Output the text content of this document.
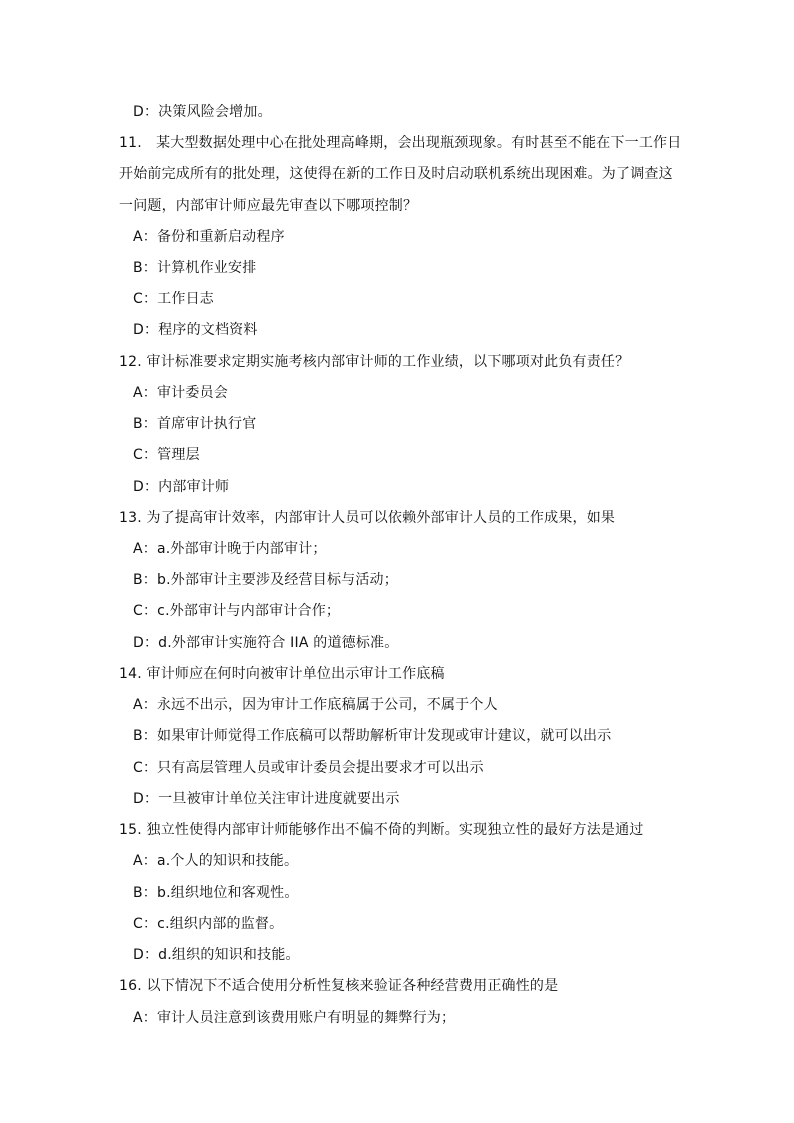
D：决策风险会增加。
11.　某大型数据处理中心在批处理高峰期，会出现瓶颈现象。有时甚至不能在下一工作日
开始前完成所有的批处理，这使得在新的工作日及时启动联机系统出现困难。为了调查这
一问题，内部审计师应最先审查以下哪项控制？
A：备份和重新启动程序
B：计算机作业安排
C：工作日志
D：程序的文档资料
12. 审计标准要求定期实施考核内部审计师的工作业绩，以下哪项对此负有责任？
A：审计委员会
B：首席审计执行官
C：管理层
D：内部审计师
13. 为了提高审计效率，内部审计人员可以依赖外部审计人员的工作成果，如果
A：a.外部审计晚于内部审计；
B：b.外部审计主要涉及经营目标与活动；
C：c.外部审计与内部审计合作；
D：d.外部审计实施符合 IIA 的道德标准。
14. 审计师应在何时向被审计单位出示审计工作底稿
A：永远不出示，因为审计工作底稿属于公司，不属于个人
B：如果审计师觉得工作底稿可以帮助解析审计发现或审计建议，就可以出示
C：只有高层管理人员或审计委员会提出要求才可以出示
D：一旦被审计单位关注审计进度就要出示
15. 独立性使得内部审计师能够作出不偏不倚的判断。实现独立性的最好方法是通过
A：a.个人的知识和技能。
B：b.组织地位和客观性。
C：c.组织内部的监督。
D：d.组织的知识和技能。
16. 以下情况下不适合使用分析性复核来验证各种经营费用正确性的是
A：审计人员注意到该费用账户有明显的舞弊行为；
